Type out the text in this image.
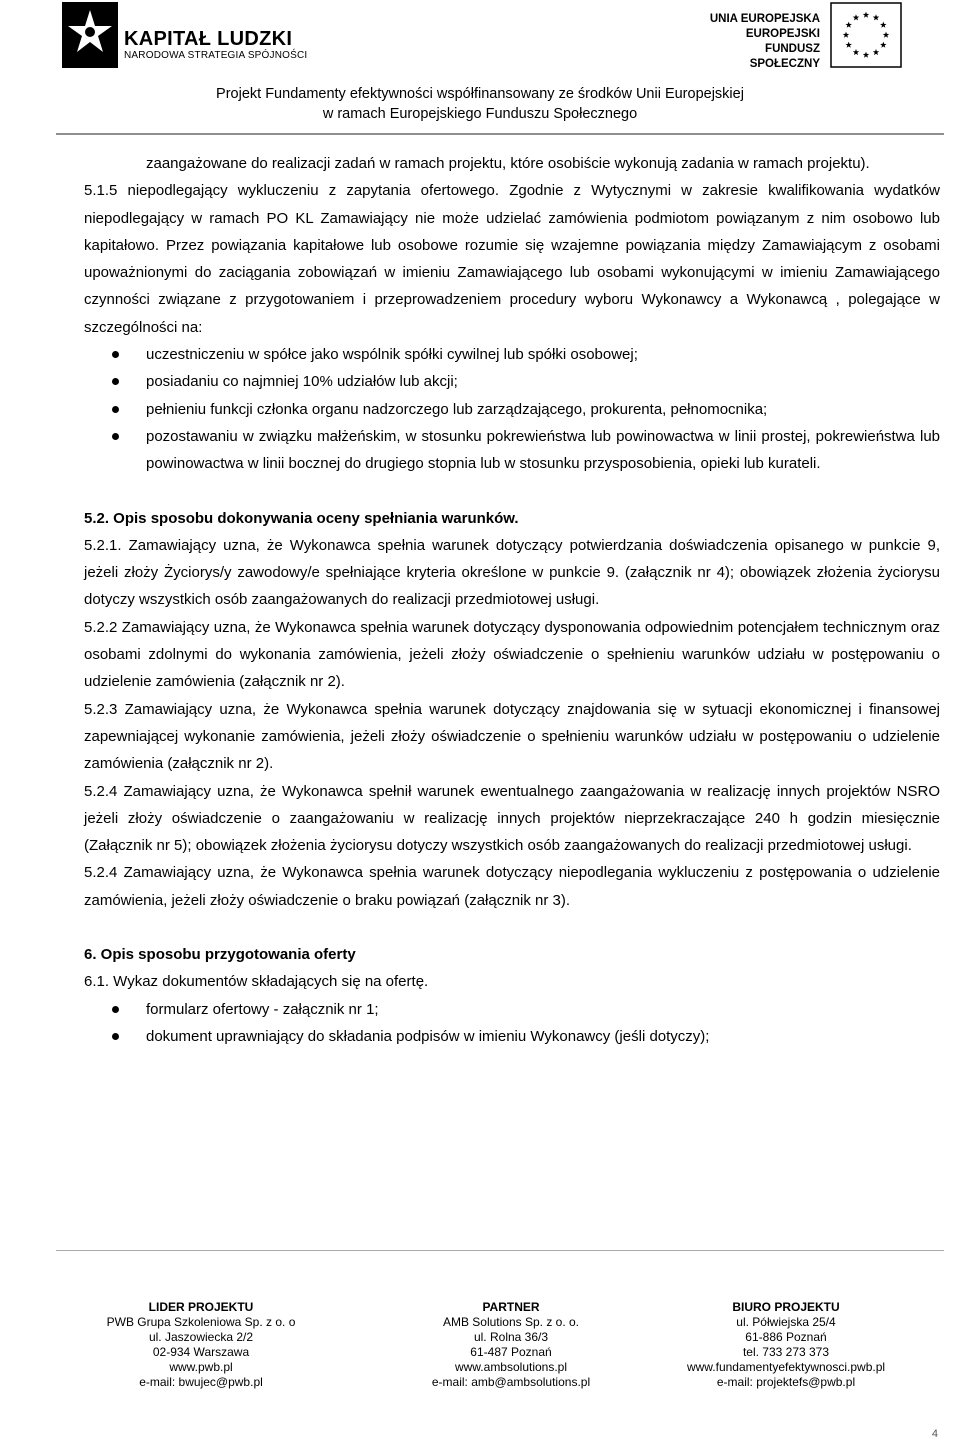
KAPITAŁ LUDZKI
NARODOWA STRATEGIA SPÓJNOŚCI
UNIA EUROPEJSKA
EUROPEJSKI
FUNDUSZ SPOŁECZNY
Projekt Fundamenty efektywności współfinansowany ze środków Unii Europejskiej
w ramach Europejskiego Funduszu Społecznego

zaangażowane do realizacji zadań w ramach projektu, które osobiście wykonują zadania w ramach projektu).

5.1.5 niepodlegający wykluczeniu z zapytania ofertowego. Zgodnie z Wytycznymi w zakresie kwalifikowania wydatków niepodlegający w ramach PO KL Zamawiający nie może udzielać zamówienia podmiotom powiązanym z nim osobowo lub kapitałowo. Przez powiązania kapitałowe lub osobowe rozumie się wzajemne powiązania między Zamawiającym z osobami upoważnionymi do zaciągania zobowiązań w imieniu Zamawiającego lub osobami wykonującymi w imieniu Zamawiającego czynności związane z przygotowaniem i przeprowadzeniem procedury wyboru Wykonawcy a Wykonawcą , polegające w szczególności na:

uczestniczeniu w spółce jako wspólnik spółki cywilnej lub spółki osobowej;

posiadaniu co najmniej 10% udziałów lub akcji;

pełnieniu funkcji członka organu nadzorczego lub zarządzającego, prokurenta, pełnomocnika;

pozostawaniu w związku małżeńskim, w stosunku pokrewieństwa lub powinowactwa w linii prostej, pokrewieństwa lub powinowactwa w linii bocznej do drugiego stopnia lub w stosunku przysposobienia, opieki lub kurateli.

5.2. Opis sposobu dokonywania oceny spełniania warunków.

5.2.1. Zamawiający uzna, że Wykonawca spełnia warunek dotyczący potwierdzania doświadczenia opisanego w punkcie 9, jeżeli złoży Życiorys/y zawodowy/e spełniające kryteria określone w punkcie 9. (załącznik nr 4); obowiązek złożenia życiorysu dotyczy wszystkich osób zaangażowanych do realizacji przedmiotowej usługi.

5.2.2 Zamawiający uzna, że Wykonawca spełnia warunek dotyczący dysponowania odpowiednim potencjałem technicznym oraz osobami zdolnymi do wykonania zamówienia, jeżeli złoży oświadczenie o spełnieniu warunków udziału w postępowaniu o udzielenie zamówienia (załącznik nr 2).

5.2.3 Zamawiający uzna, że Wykonawca spełnia warunek dotyczący znajdowania się w sytuacji ekonomicznej i finansowej zapewniającej wykonanie zamówienia, jeżeli złoży oświadczenie o spełnieniu warunków udziału w postępowaniu o udzielenie zamówienia (załącznik nr 2).

5.2.4 Zamawiający uzna, że Wykonawca spełnił warunek ewentualnego zaangażowania w realizację innych projektów NSRO jeżeli złoży oświadczenie o zaangażowaniu w realizację innych projektów nieprzekraczające 240 h godzin miesięcznie (Załącznik nr 5); obowiązek złożenia życiorysu dotyczy wszystkich osób zaangażowanych do realizacji przedmiotowej usługi.

5.2.4 Zamawiający uzna, że Wykonawca spełnia warunek dotyczący niepodlegania wykluczeniu z postępowania o udzielenie zamówienia, jeżeli złoży oświadczenie o braku powiązań (załącznik nr 3).

6. Opis sposobu przygotowania oferty

6.1. Wykaz dokumentów składających się na ofertę.

formularz ofertowy - załącznik nr 1;

dokument uprawniający do składania podpisów w imieniu Wykonawcy (jeśli dotyczy);

LIDER PROJEKTU
PWB Grupa Szkoleniowa Sp. z o. o
ul. Jaszowiecka 2/2
02-934 Warszawa
www.pwb.pl
e-mail: bwujec@pwb.pl
PARTNER
AMB Solutions Sp. z o. o.
ul. Rolna 36/3
61-487 Poznań
www.ambsolutions.pl
e-mail: amb@ambsolutions.pl
BIURO PROJEKTU
ul. Półwiejska 25/4
61-886 Poznań
tel. 733 273 373
www.fundamentyefektywnosci.pwb.pl
e-mail: projektefs@pwb.pl
4
